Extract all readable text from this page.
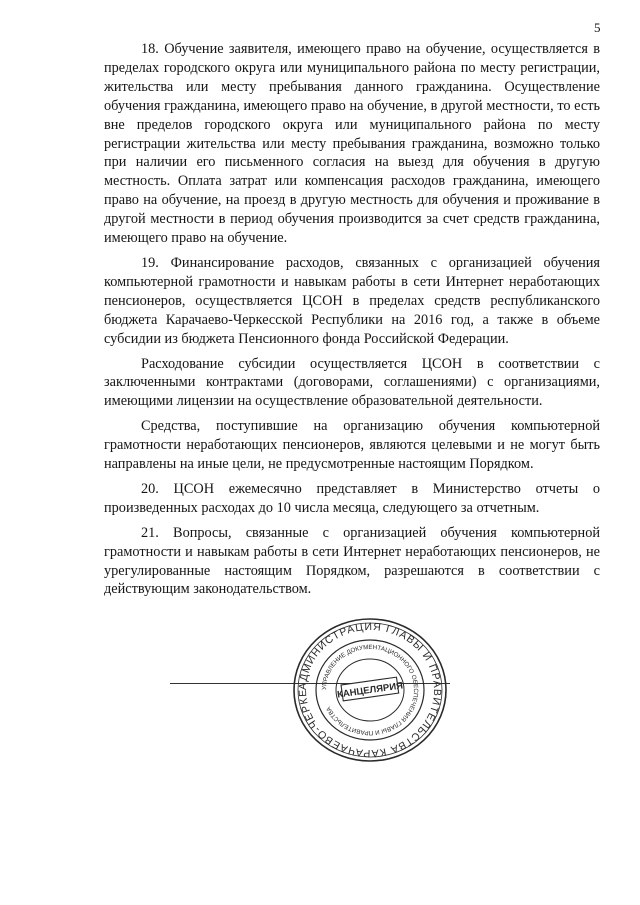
5

18. Обучение заявителя, имеющего право на обучение, осуществляется в пределах городского округа или муниципального района по месту регистрации, жительства или месту пребывания данного гражданина. Осуществление обучения гражданина, имеющего право на обучение, в другой местности, то есть вне пределов городского округа или муниципального района по месту регистрации жительства или месту пребывания гражданина, возможно только при наличии его письменного согласия на выезд для обучения в другую местность. Оплата затрат или компенсация расходов гражданина, имеющего право на обучение, на проезд в другую местность для обучения и проживание в другой местности в период обучения производится за счет средств гражданина, имеющего право на обучение.

19. Финансирование расходов, связанных с организацией обучения компьютерной грамотности и навыкам работы в сети Интернет неработающих пенсионеров, осуществляется ЦСОН в пределах средств республиканского бюджета Карачаево-Черкесской Республики на 2016 год, а также в объеме субсидии из бюджета Пенсионного фонда Российской Федерации.

Расходование субсидии осуществляется ЦСОН в соответствии с заключенными контрактами (договорами, соглашениями) с организациями, имеющими лицензии на осуществление образовательной деятельности.

Средства, поступившие на организацию обучения компьютерной грамотности неработающих пенсионеров, являются целевыми и не могут быть направлены на иные цели, не предусмотренные настоящим Порядком.

20. ЦСОН ежемесячно представляет в Министерство отчеты о произведенных расходах до 10 числа месяца, следующего за отчетным.

21. Вопросы, связанные с организацией обучения компьютерной грамотности и навыкам работы в сети Интернет неработающих пенсионеров, не урегулированные настоящим Порядком, разрешаются в соответствии с действующим законодательством.

АДМИНИСТРАЦИЯ ГЛАВЫ И ПРАВИТЕЛЬСТВА КАРАЧАЕВО-ЧЕРКЕ
УПРАВЛЕНИЕ ДОКУМЕНТАЦИОННОГО ОБЕСПЕЧЕНИЯ ГЛАВЫ И ПРАВИТЕЛЬСТВА
КАНЦЕЛЯРИЯ
